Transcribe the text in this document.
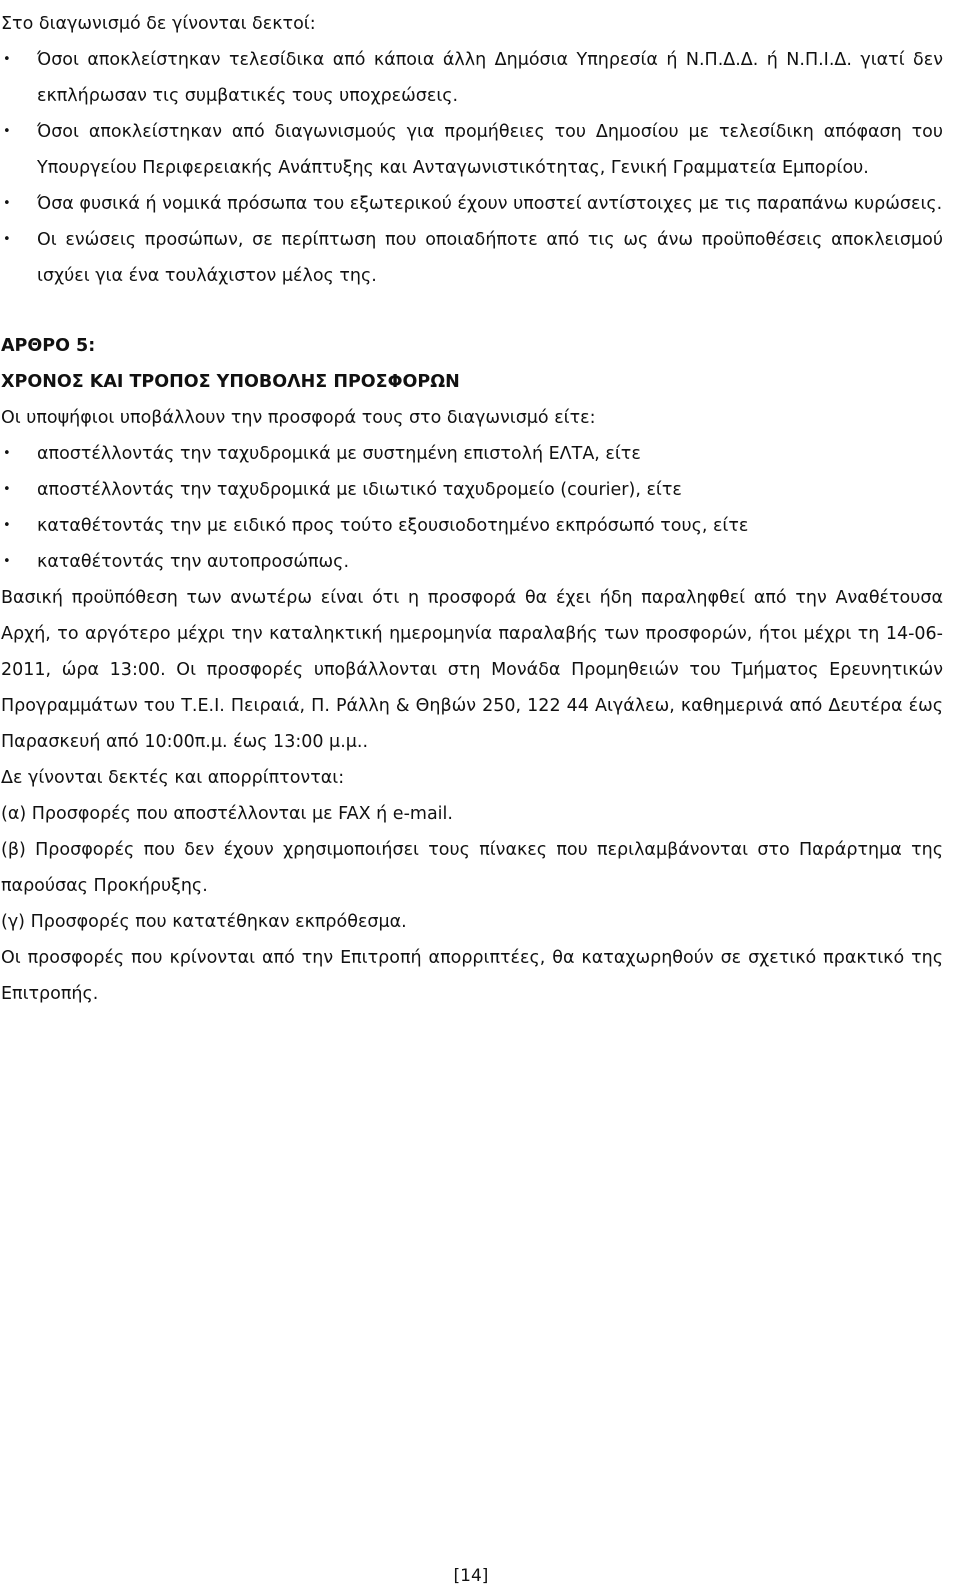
Στο διαγωνισμό δε γίνονται δεκτοί:

• Όσοι αποκλείστηκαν τελεσίδικα από κάποια άλλη Δημόσια Υπηρεσία ή Ν.Π.Δ.Δ. ή Ν.Π.Ι.Δ. γιατί δεν εκπλήρωσαν τις συμβατικές τους υποχρεώσεις.
• Όσοι αποκλείστηκαν από διαγωνισμούς για προμήθειες του Δημοσίου με τελεσίδικη απόφαση του Υπουργείου Περιφερειακής Ανάπτυξης και Ανταγωνιστικότητας, Γενική Γραμματεία Εμπορίου.
• Όσα φυσικά ή νομικά πρόσωπα του εξωτερικού έχουν υποστεί αντίστοιχες με τις παραπάνω κυρώσεις.
• Οι ενώσεις προσώπων, σε περίπτωση που οποιαδήποτε από τις ως άνω προϋποθέσεις αποκλεισμού ισχύει για ένα τουλάχιστον μέλος της.

ΑΡΘΡΟ 5:

ΧΡΟΝΟΣ ΚΑΙ ΤΡΟΠΟΣ ΥΠΟΒΟΛΗΣ ΠΡΟΣΦΟΡΩΝ

Οι υποψήφιοι υποβάλλουν την προσφορά τους στο διαγωνισμό είτε:

• αποστέλλοντάς την ταχυδρομικά με συστημένη επιστολή ΕΛΤΑ, είτε
• αποστέλλοντάς την ταχυδρομικά με ιδιωτικό ταχυδρομείο (courier), είτε
• καταθέτοντάς την με ειδικό προς τούτο εξουσιοδοτημένο εκπρόσωπό τους, είτε
• καταθέτοντάς την αυτοπροσώπως.

Βασική προϋπόθεση των ανωτέρω είναι ότι η προσφορά θα έχει ήδη παραληφθεί από την Αναθέτουσα Αρχή, το αργότερο μέχρι την καταληκτική ημερομηνία παραλαβής των προσφορών, ήτοι μέχρι τη 14-06-2011, ώρα 13:00. Οι προσφορές υποβάλλονται στη Μονάδα Προμηθειών του Τμήματος Ερευνητικών Προγραμμάτων του Τ.Ε.Ι. Πειραιά, Π. Ράλλη & Θηβών 250, 122 44 Αιγάλεω, καθημερινά από Δευτέρα έως Παρασκευή από 10:00π.μ. έως 13:00 μ.μ..

Δε γίνονται δεκτές και απορρίπτονται:

(α) Προσφορές που αποστέλλονται με FAX ή e-mail.

(β) Προσφορές που δεν έχουν χρησιμοποιήσει τους πίνακες που περιλαμβάνονται στο Παράρτημα της παρούσας Προκήρυξης.

(γ) Προσφορές που κατατέθηκαν εκπρόθεσμα.

Οι προσφορές που κρίνονται από την Επιτροπή απορριπτέες, θα καταχωρηθούν σε σχετικό πρακτικό της Επιτροπής.

[14]
